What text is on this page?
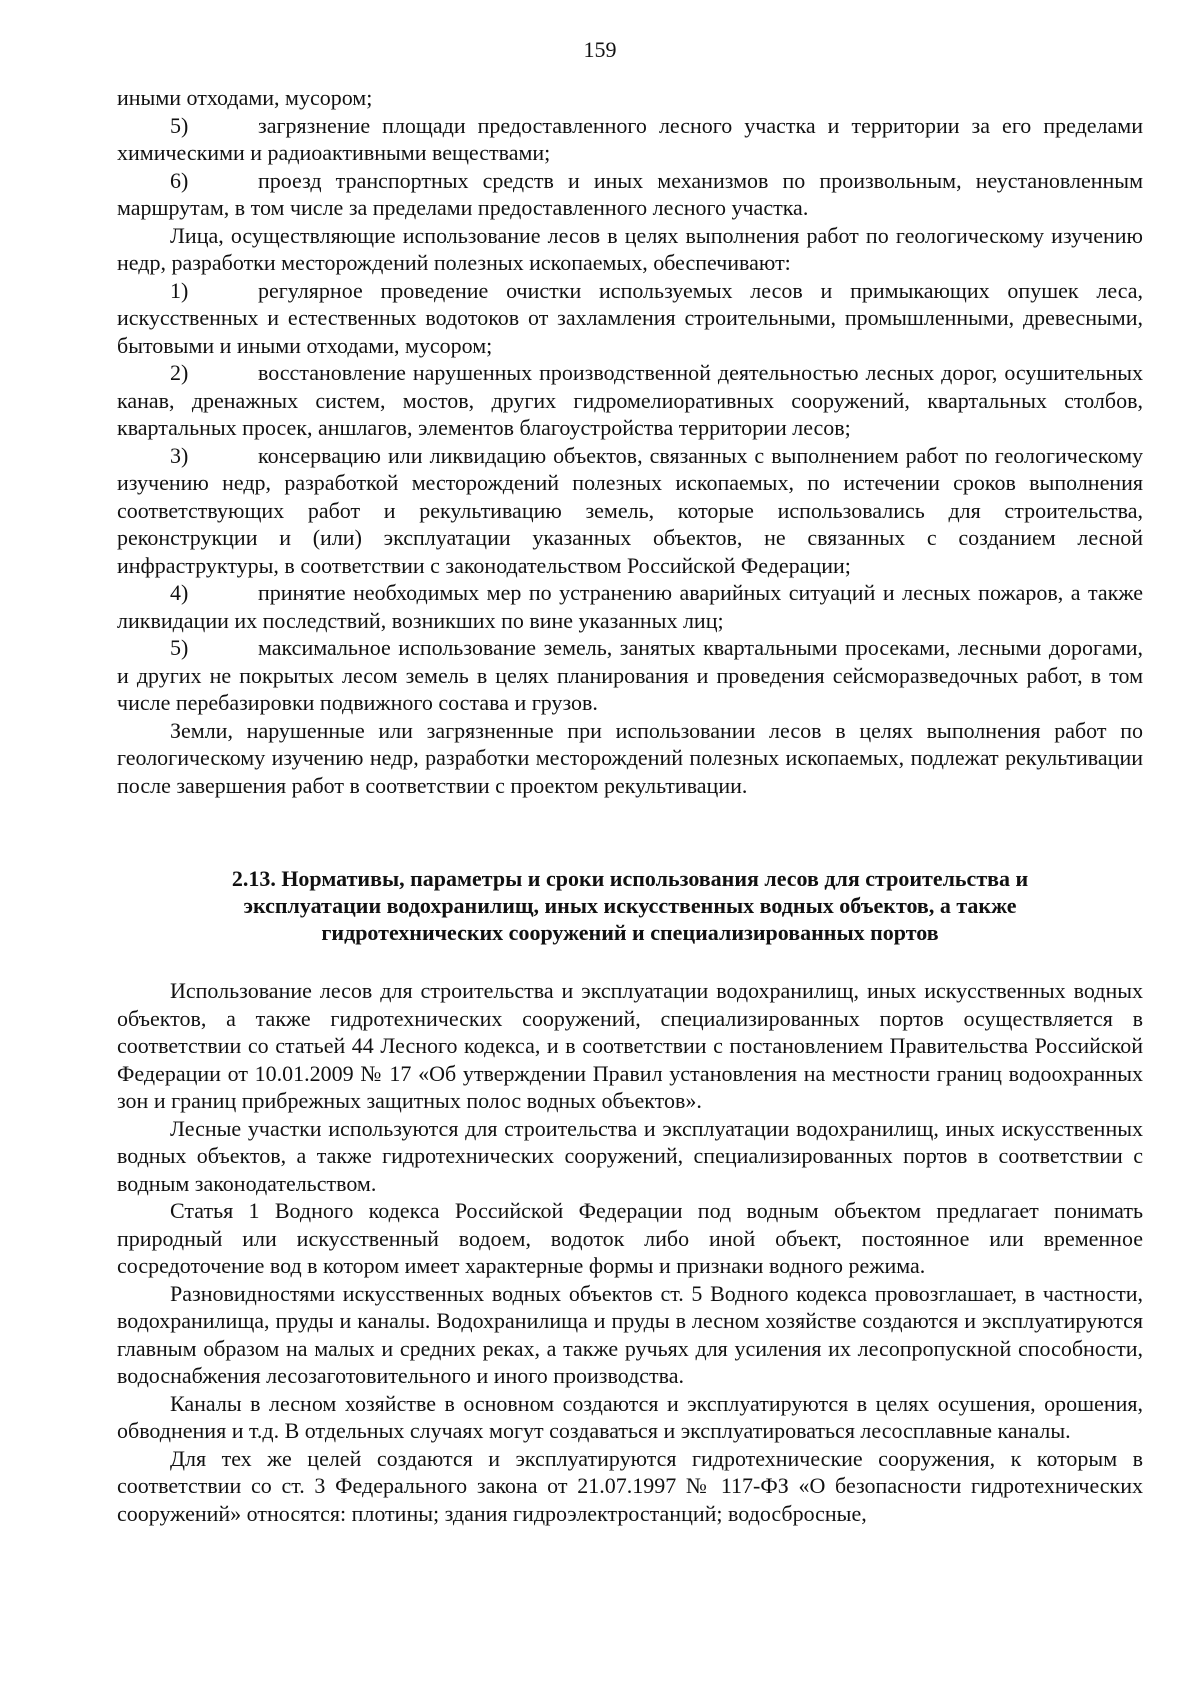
159

иными отходами, мусором;

5)	загрязнение площади предоставленного лесного участка и территории за его пределами химическими и радиоактивными веществами;

6)	проезд транспортных средств и иных механизмов по произвольным, неустановленным маршрутам, в том числе за пределами предоставленного лесного участка.

Лица, осуществляющие использование лесов в целях выполнения работ по геологическому изучению недр, разработки месторождений полезных ископаемых, обеспечивают:

1)	регулярное проведение очистки используемых лесов и примыкающих опушек леса, искусственных и естественных водотоков от захламления строительными, промышленными, древесными, бытовыми и иными отходами, мусором;

2)	восстановление нарушенных производственной деятельностью лесных дорог, осушительных канав, дренажных систем, мостов, других гидромелиоративных сооружений, квартальных столбов, квартальных просек, аншлагов, элементов благоустройства территории лесов;

3)	консервацию или ликвидацию объектов, связанных с выполнением работ по геологическому изучению недр, разработкой месторождений полезных ископаемых, по истечении сроков выполнения соответствующих работ и рекультивацию земель, которые использовались для строительства, реконструкции и (или) эксплуатации указанных объектов, не связанных с созданием лесной инфраструктуры, в соответствии с законодательством Российской Федерации;

4)	принятие необходимых мер по устранению аварийных ситуаций и лесных пожаров, а также ликвидации их последствий, возникших по вине указанных лиц;

5)	максимальное использование земель, занятых квартальными просеками, лесными дорогами, и других не покрытых лесом земель в целях планирования и проведения сейсморазведочных работ, в том числе перебазировки подвижного состава и грузов.

Земли, нарушенные или загрязненные при использовании лесов в целях выполнения работ по геологическому изучению недр, разработки месторождений полезных ископаемых, подлежат рекультивации после завершения работ в соответствии с проектом рекультивации.

2.13. Нормативы, параметры и сроки использования лесов для строительства и

эксплуатации водохранилищ, иных искусственных водных объектов, а также

гидротехнических сооружений и специализированных портов

Использование лесов для строительства и эксплуатации водохранилищ, иных искусственных водных объектов, а также гидротехнических сооружений, специализированных портов осуществляется в соответствии со статьей 44 Лесного кодекса, и в соответствии с постановлением Правительства Российской Федерации от 10.01.2009 № 17 «Об утверждении Правил установления на местности границ водоохранных зон и границ прибрежных защитных полос водных объектов».

Лесные участки используются для строительства и эксплуатации водохранилищ, иных искусственных водных объектов, а также гидротехнических сооружений, специализированных портов в соответствии с водным законодательством.

Статья 1 Водного кодекса Российской Федерации под водным объектом предлагает понимать природный или искусственный водоем, водоток либо иной объект, постоянное или временное сосредоточение вод в котором имеет характерные формы и признаки водного режима.

Разновидностями искусственных водных объектов ст. 5 Водного кодекса провозглашает, в частности, водохранилища, пруды и каналы. Водохранилища и пруды в лесном хозяйстве создаются и эксплуатируются главным образом на малых и средних реках, а также ручьях для усиления их лесопропускной способности, водоснабжения лесозаготовительного и иного производства.

Каналы в лесном хозяйстве в основном создаются и эксплуатируются в целях осушения, орошения, обводнения и т.д. В отдельных случаях могут создаваться и эксплуатироваться лесосплавные каналы.

Для тех же целей создаются и эксплуатируются гидротехнические сооружения, к которым в соответствии со ст. 3 Федерального закона от 21.07.1997 № 117-ФЗ «О безопасности гидротехнических сооружений» относятся: плотины; здания гидроэлектростанций; водосбросные,
